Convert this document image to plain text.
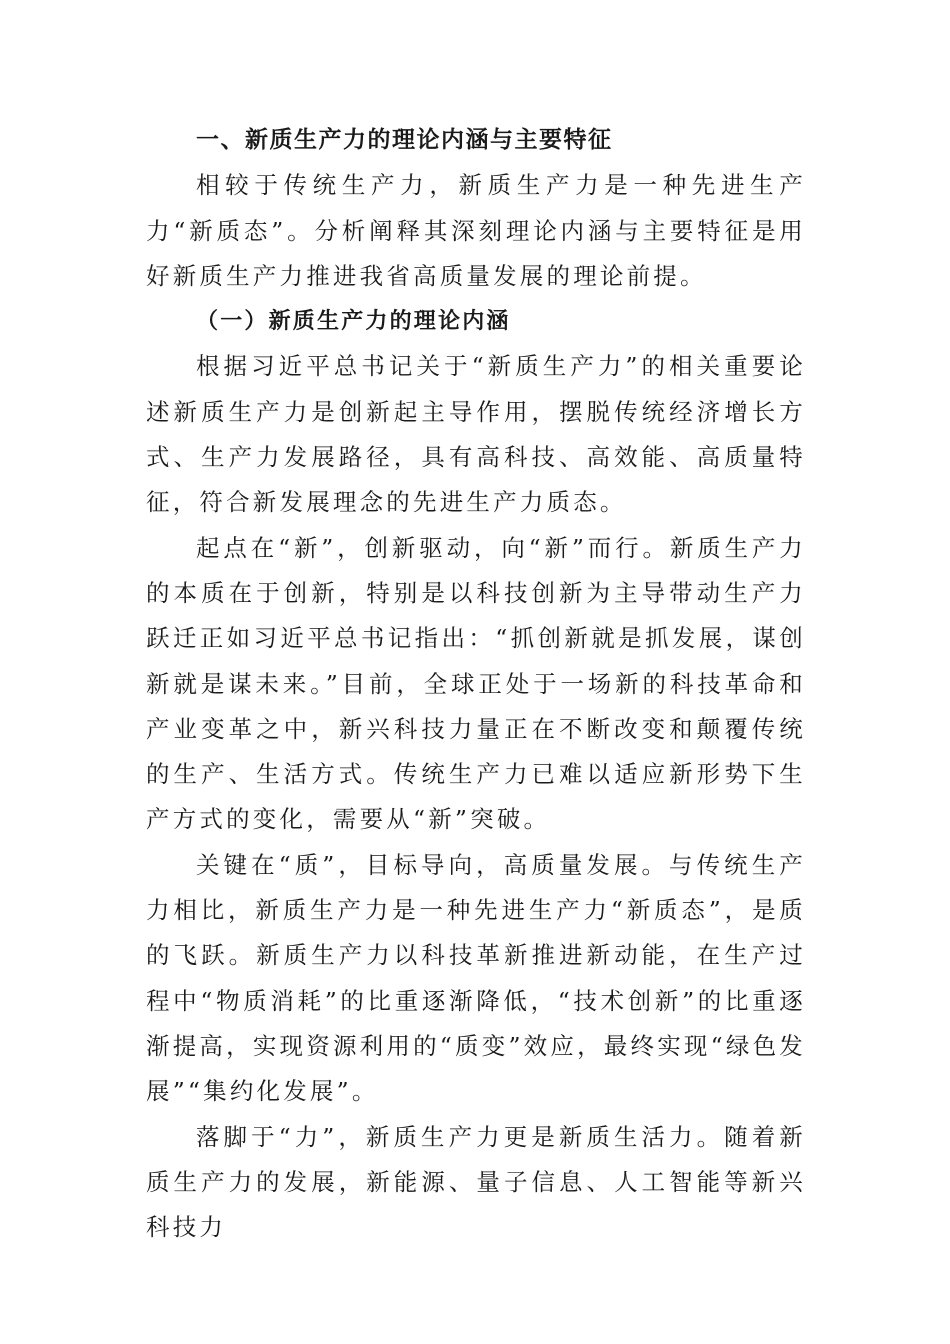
一、新质生产力的理论内涵与主要特征

相较于传统生产力，新质生产力是一种先进生产力“新质态”。分析阐释其深刻理论内涵与主要特征是用好新质生产力推进我省高质量发展的理论前提。

（一）新质生产力的理论内涵

根据习近平总书记关于“新质生产力”的相关重要论述新质生产力是创新起主导作用，摆脱传统经济增长方式、生产力发展路径，具有高科技、高效能、高质量特征，符合新发展理念的先进生产力质态。

起点在“新”，创新驱动，向“新”而行。新质生产力的本质在于创新，特别是以科技创新为主导带动生产力跃迁正如习近平总书记指出：“抓创新就是抓发展，谋创新就是谋未来。”目前，全球正处于一场新的科技革命和产业变革之中，新兴科技力量正在不断改变和颠覆传统的生产、生活方式。传统生产力已难以适应新形势下生产方式的变化，需要从“新”突破。

关键在“质”，目标导向，高质量发展。与传统生产力相比，新质生产力是一种先进生产力“新质态”，是质的飞跃。新质生产力以科技革新推进新动能，在生产过程中“物质消耗”的比重逐渐降低，“技术创新”的比重逐渐提高，实现资源利用的“质变”效应，最终实现“绿色发展”“集约化发展”。

落脚于“力”，新质生产力更是新质生活力。随着新质生产力的发展，新能源、量子信息、人工智能等新兴科技力
